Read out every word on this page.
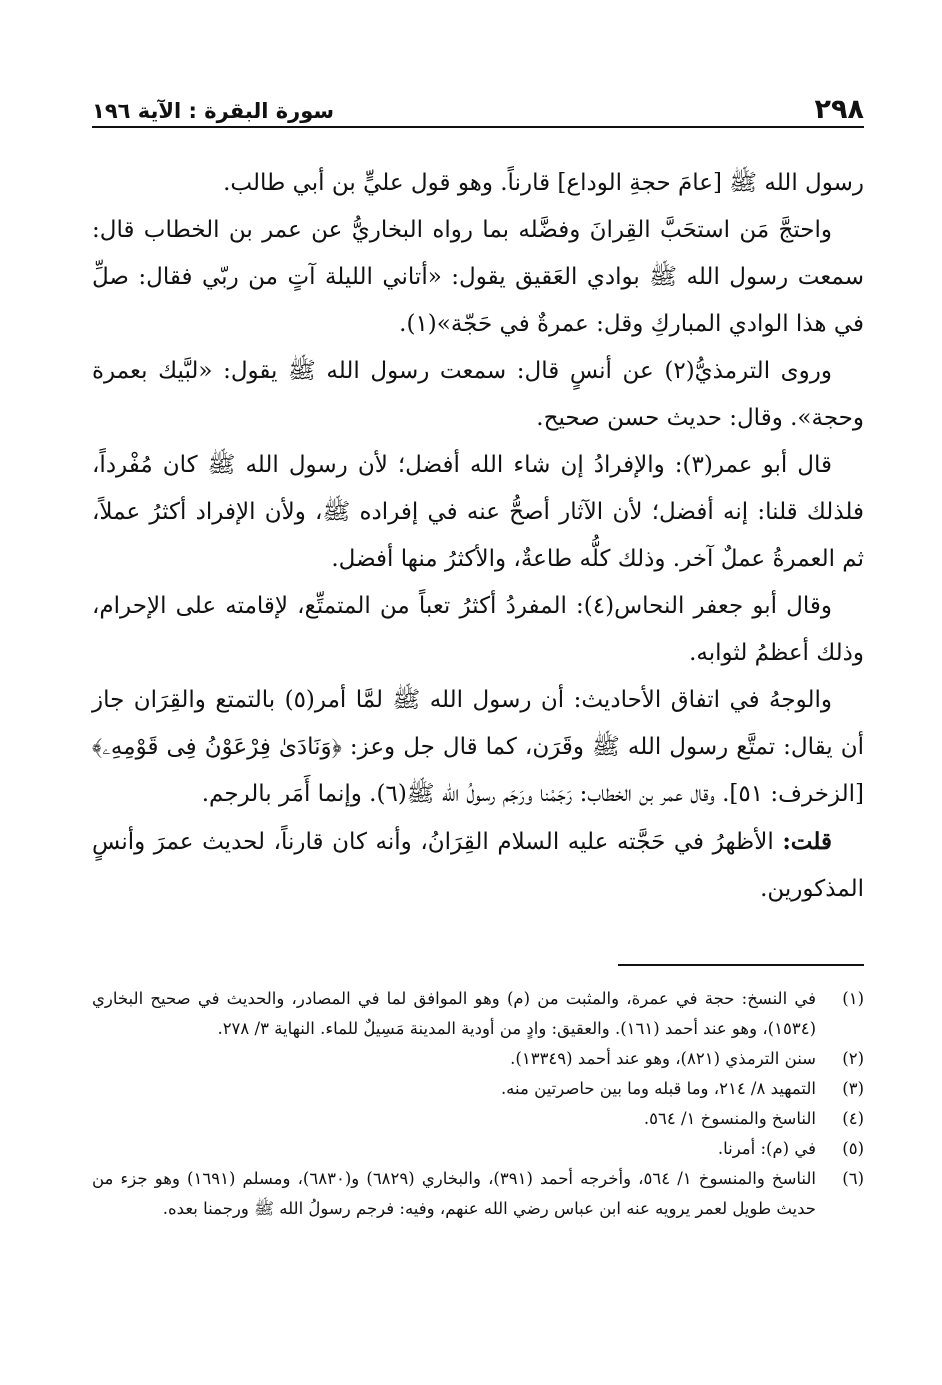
سورة البقرة : الآية ١٩٦	٢٩٨

رسول الله ﷺ [عامَ حجةِ الوداع] قارناً. وهو قول عليٍّ بن أبي طالب.

واحتجَّ مَن استحَبَّ القِرانَ وفضَّله بما رواه البخاريُّ عن عمر بن الخطاب قال: سمعت رسول الله ﷺ بوادي العَقيق يقول: «أتاني الليلة آتٍ من ربّي فقال: صلِّ في هذا الوادي المباركِ وقل: عمرةٌ في حَجّة»(١).

وروى الترمذيُّ(٢) عن أنسٍ قال: سمعت رسول الله ﷺ يقول: «لبَّيك بعمرة وحجة». وقال: حديث حسن صحيح.

قال أبو عمر(٣): والإفرادُ إن شاء الله أفضل؛ لأن رسول الله ﷺ كان مُفْرداً، فلذلك قلنا: إنه أفضل؛ لأن الآثار أصحُّ عنه في إفراده ﷺ، ولأن الإفراد أكثرُ عملاً، ثم العمرةُ عملٌ آخر. وذلك كلُّه طاعةٌ، والأكثرُ منها أفضل.

وقال أبو جعفر النحاس(٤): المفردُ أكثرُ تعباً من المتمتِّع، لإقامته على الإحرام، وذلك أعظمُ لثوابه.

والوجهُ في اتفاق الأحاديث: أن رسول الله ﷺ لمَّا أمر(٥) بالتمتع والقِرَان جاز أن يقال: تمتَّع رسول الله ﷺ وقَرَن، كما قال جل وعز: ﴿وَنَادَىٰ فِرْعَوْنُ فِى قَوْمِهِۦ﴾ [الزخرف: ٥١]. وقال عمر بن الخطاب: رَجَمْنا ورَجَم رسولُ الله ﷺ(٦). وإنما أَمَر بالرجم.

قلت: الأظهرُ في حَجَّته عليه السلام القِرَانُ، وأنه كان قارناً، لحديث عمرَ وأنسٍ المذكورين.

(١)
في النسخ: حجة في عمرة، والمثبت من (م) وهو الموافق لما في المصادر، والحديث في صحيح البخاري (١٥٣٤)، وهو عند أحمد (١٦١). والعقيق: وادٍ من أودية المدينة مَسِيلٌ للماء. النهاية ٣/ ٢٧٨.
(٢)
سنن الترمذي (٨٢١)، وهو عند أحمد (١٣٣٤٩).
(٣)
التمهيد ٨/ ٢١٤، وما قبله وما بين حاصرتين منه.
(٤)
الناسخ والمنسوخ ١/ ٥٦٤.
(٥)
في (م): أمرنا.
(٦)
الناسخ والمنسوخ ١/ ٥٦٤، وأخرجه أحمد (٣٩١)، والبخاري (٦٨٢٩) و(٦٨٣٠)، ومسلم (١٦٩١) وهو جزء من حديث طويل لعمر يرويه عنه ابن عباس رضي الله عنهم، وفيه: فرجم رسولُ الله ﷺ ورجمنا بعده.
